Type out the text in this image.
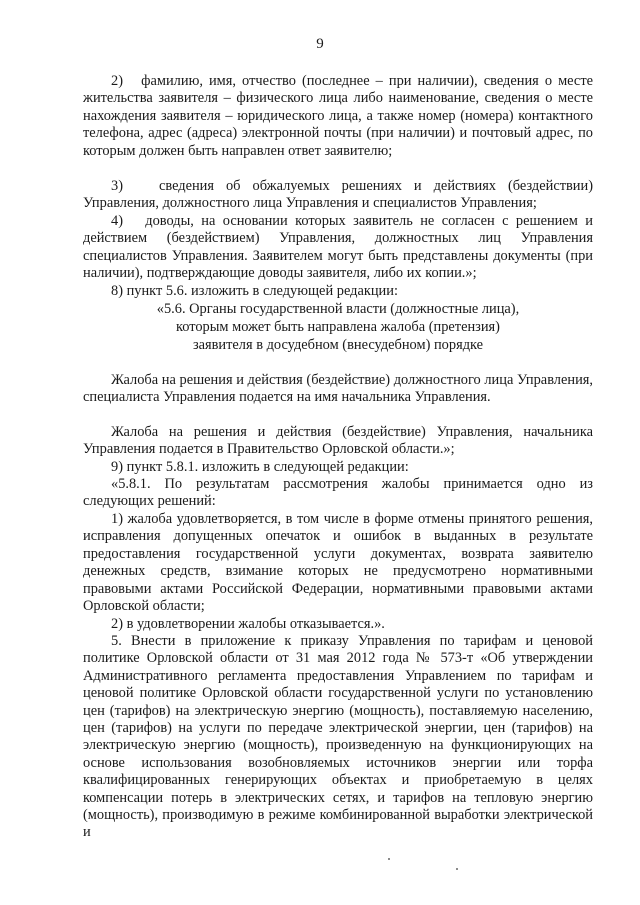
9

2)   фамилию, имя, отчество (последнее – при наличии), сведения о месте жительства заявителя – физического лица либо наименование, сведения о месте нахождения заявителя – юридического лица, а также номер (номера) контактного телефона, адрес (адреса) электронной почты (при наличии) и почтовый адрес, по которым должен быть направлен ответ заявителю;

3)   сведения об обжалуемых решениях и действиях (бездействии) Управления, должностного лица Управления и специалистов Управления;

4)   доводы, на основании которых заявитель не согласен с решением и действием (бездействием) Управления, должностных лиц Управления специалистов Управления. Заявителем могут быть представлены документы (при наличии), подтверждающие доводы заявителя, либо их копии.»;

8) пункт 5.6. изложить в следующей редакции:

«5.6. Органы государственной власти (должностные лица),

которым может быть направлена жалоба (претензия)

заявителя в досудебном (внесудебном) порядке

Жалоба на решения и действия (бездействие) должностного лица Управления, специалиста Управления подается на имя начальника Управления.

Жалоба на решения и действия (бездействие) Управления, начальника Управления подается в Правительство Орловской области.»;

9) пункт 5.8.1. изложить в следующей редакции:

«5.8.1. По результатам рассмотрения жалобы принимается одно из следующих решений:

1) жалоба удовлетворяется, в том числе в форме отмены принятого решения, исправления допущенных опечаток и ошибок в выданных в результате предоставления государственной услуги документах, возврата заявителю денежных средств, взимание которых не предусмотрено нормативными правовыми актами Российской Федерации, нормативными правовыми актами Орловской области;

2) в удовлетворении жалобы отказывается.».

5. Внести в приложение к приказу Управления по тарифам и ценовой политике Орловской области от 31 мая 2012 года № 573-т «Об утверждении Административного регламента предоставления Управлением по тарифам и ценовой политике Орловской области государственной услуги по установлению цен (тарифов) на электрическую энергию (мощность), поставляемую населению, цен (тарифов) на услуги по передаче электрической энергии, цен (тарифов) на электрическую энергию (мощность), произведенную на функционирующих на основе использования возобновляемых источников энергии или торфа квалифицированных генерирующих объектах и приобретаемую в целях компенсации потерь в электрических сетях, и тарифов на тепловую энергию (мощность), производимую в режиме комбинированной выработки электрической и
